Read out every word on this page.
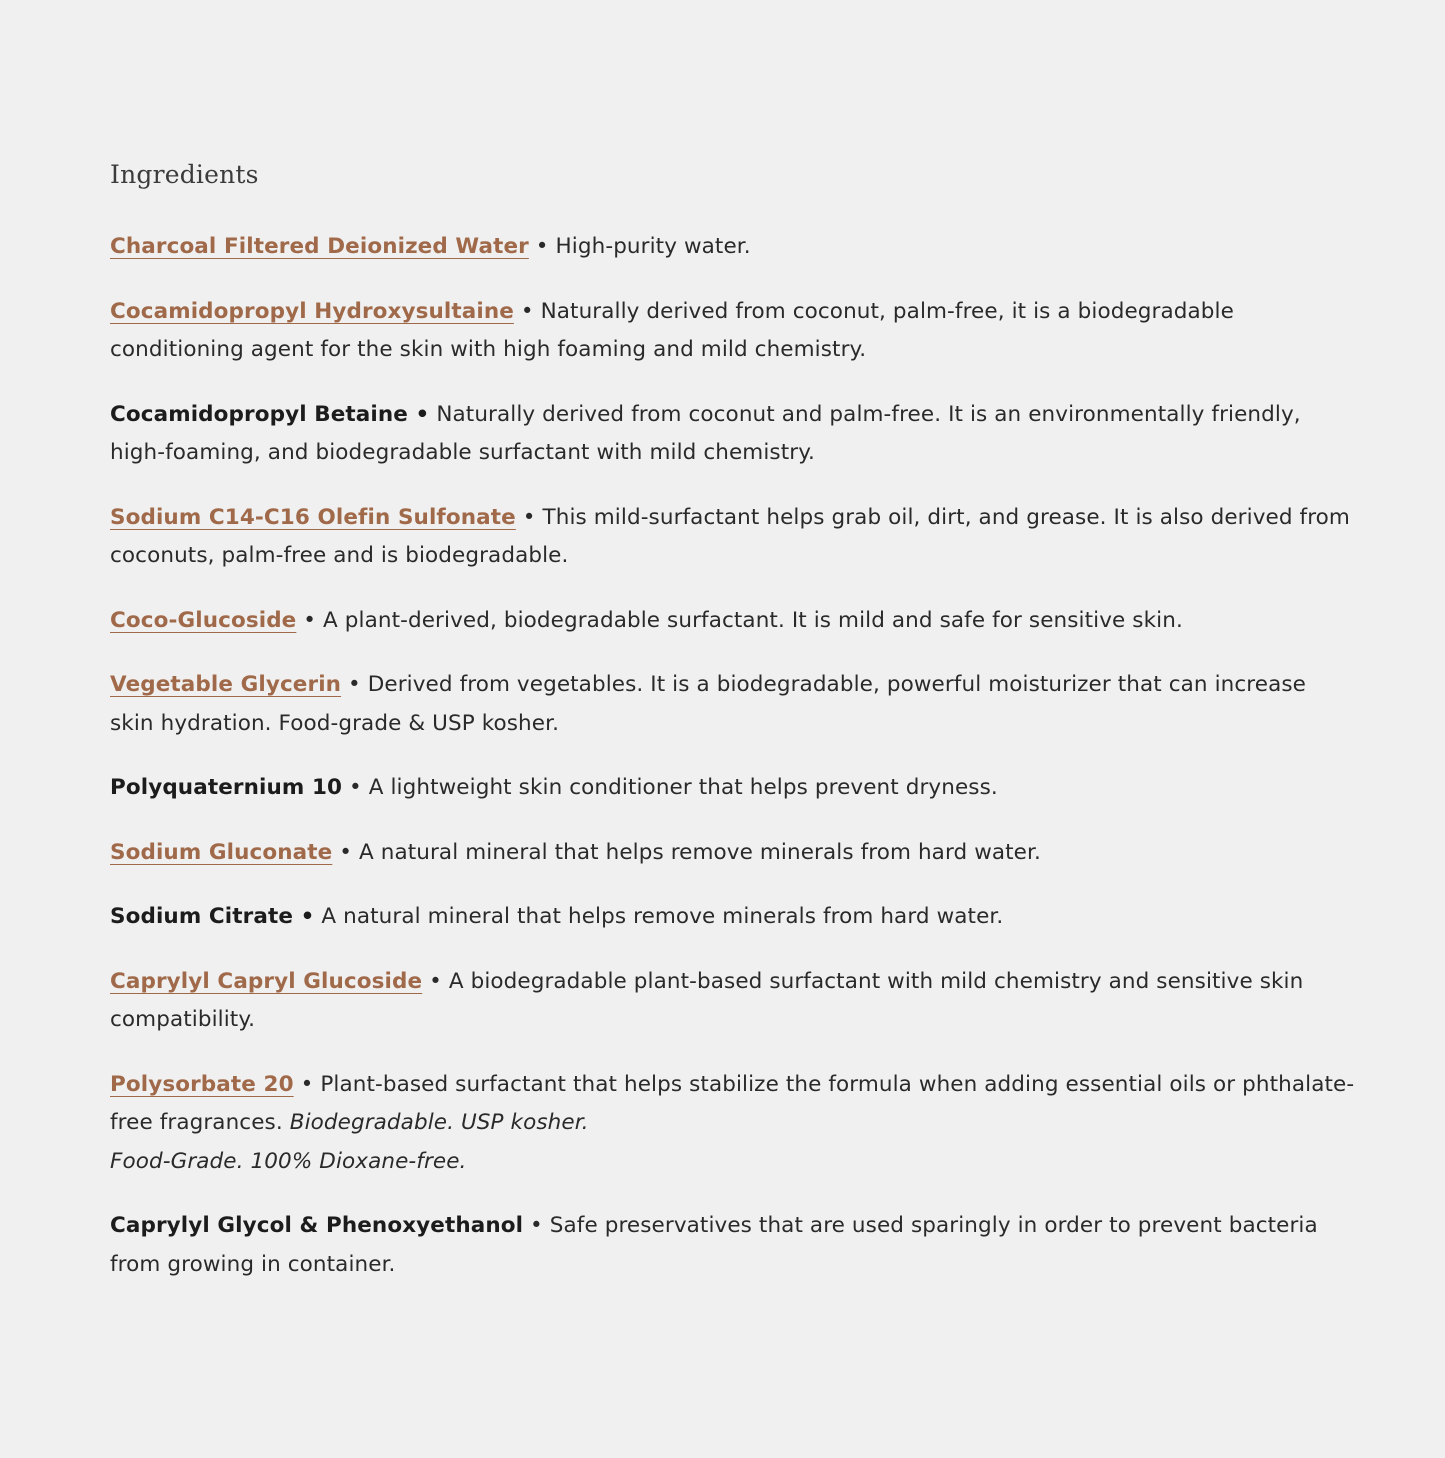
Ingredients

Charcoal Filtered Deionized Water • High-purity water.

Cocamidopropyl Hydroxysultaine • Naturally derived from coconut, palm-free, it is a biodegradable conditioning agent for the skin with high foaming and mild chemistry.

Cocamidopropyl Betaine • Naturally derived from coconut and palm-free. It is an environmentally friendly, high-foaming, and biodegradable surfactant with mild chemistry.

Sodium C14-C16 Olefin Sulfonate • This mild-surfactant helps grab oil, dirt, and grease. It is also derived from coconuts, palm-free and is biodegradable.

Coco-Glucoside • A plant-derived, biodegradable surfactant. It is mild and safe for sensitive skin.

Vegetable Glycerin • Derived from vegetables. It is a biodegradable, powerful moisturizer that can increase skin hydration. Food-grade & USP kosher.

Polyquaternium 10 • A lightweight skin conditioner that helps prevent dryness.

Sodium Gluconate • A natural mineral that helps remove minerals from hard water.

Sodium Citrate • A natural mineral that helps remove minerals from hard water.

Caprylyl Capryl Glucoside • A biodegradable plant-based surfactant with mild chemistry and sensitive skin compatibility.

Polysorbate 20 • Plant-based surfactant that helps stabilize the formula when adding essential oils or phthalate-free fragrances. Biodegradable. USP kosher.
Food-Grade. 100% Dioxane-free.

Caprylyl Glycol & Phenoxyethanol • Safe preservatives that are used sparingly in order to prevent bacteria from growing in container.
